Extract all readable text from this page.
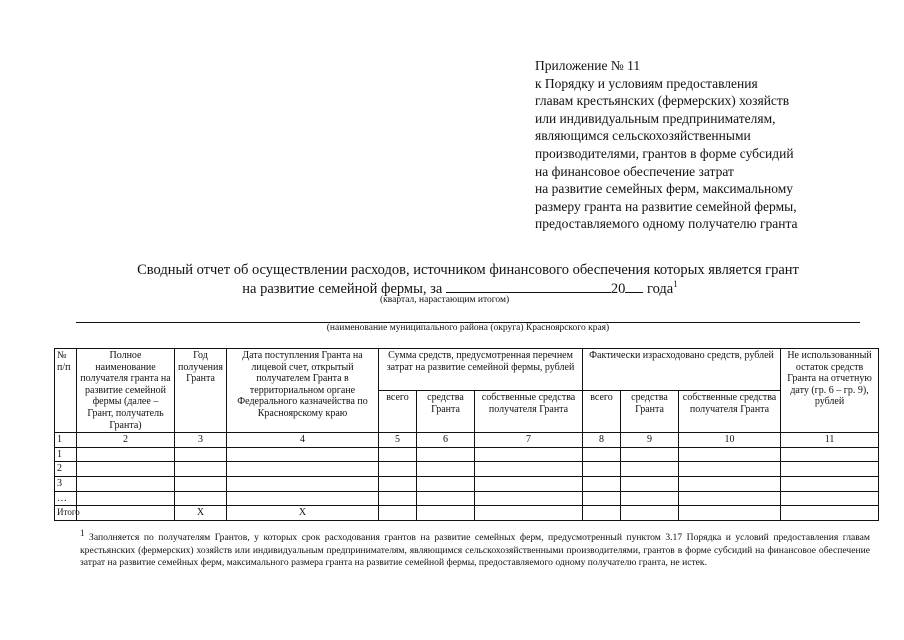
Приложение № 11
к Порядку и условиям предоставления
главам крестьянских (фермерских) хозяйств
или индивидуальным предпринимателям,
являющимся сельскохозяйственными
производителями, грантов в форме субсидий
на финансовое обеспечение затрат
на развитие семейных ферм, максимальному
размеру гранта на развитие семейной фермы,
предоставляемого одному получателю гранта
Сводный отчет об осуществлении расходов, источником финансового обеспечения которых является грант
на развитие семейной фермы, за	20 года$^1$
(квартал, нарастающим итогом)
(наименование муниципального района (округа) Красноярского края)
№ п/п	Полное наименование получателя гранта на развитие семейной фермы (далее – Грант, получатель Гранта)	Год получения Гранта	Дата поступления Гранта на лицевой счет, открытый получателем Гранта в территориальном органе Федерального казначейства по Красноярскому краю	Сумма средств, предусмотренная перечнем затрат на развитие семейной фермы, рублей			Фактически израсходовано средств, рублей			Не использованный остаток средств Гранта на отчетную дату (гр. 6 – гр. 9), рублей
				всего	средства Гранта	собственные средства получателя Гранта	всего	средства Гранта	собственные средства получателя Гранта	
1	2	3	4	5	6	7	8	9	10	11
1										
2										
3										
…										
Итого		X	X							
$^1$ Заполняется по получателям Грантов, у которых срок расходования грантов на развитие семейных ферм, предусмотренный пунктом 3.17 Порядка и условий предоставления главам крестьянских (фермерских) хозяйств или индивидуальным предпринимателям, являющимся сельскохозяйственными производителями, грантов в форме субсидий на финансовое обеспечение затрат на развитие семейных ферм, максимального размера гранта на развитие семейной фермы, предоставляемого одному получателю гранта, не истек.
